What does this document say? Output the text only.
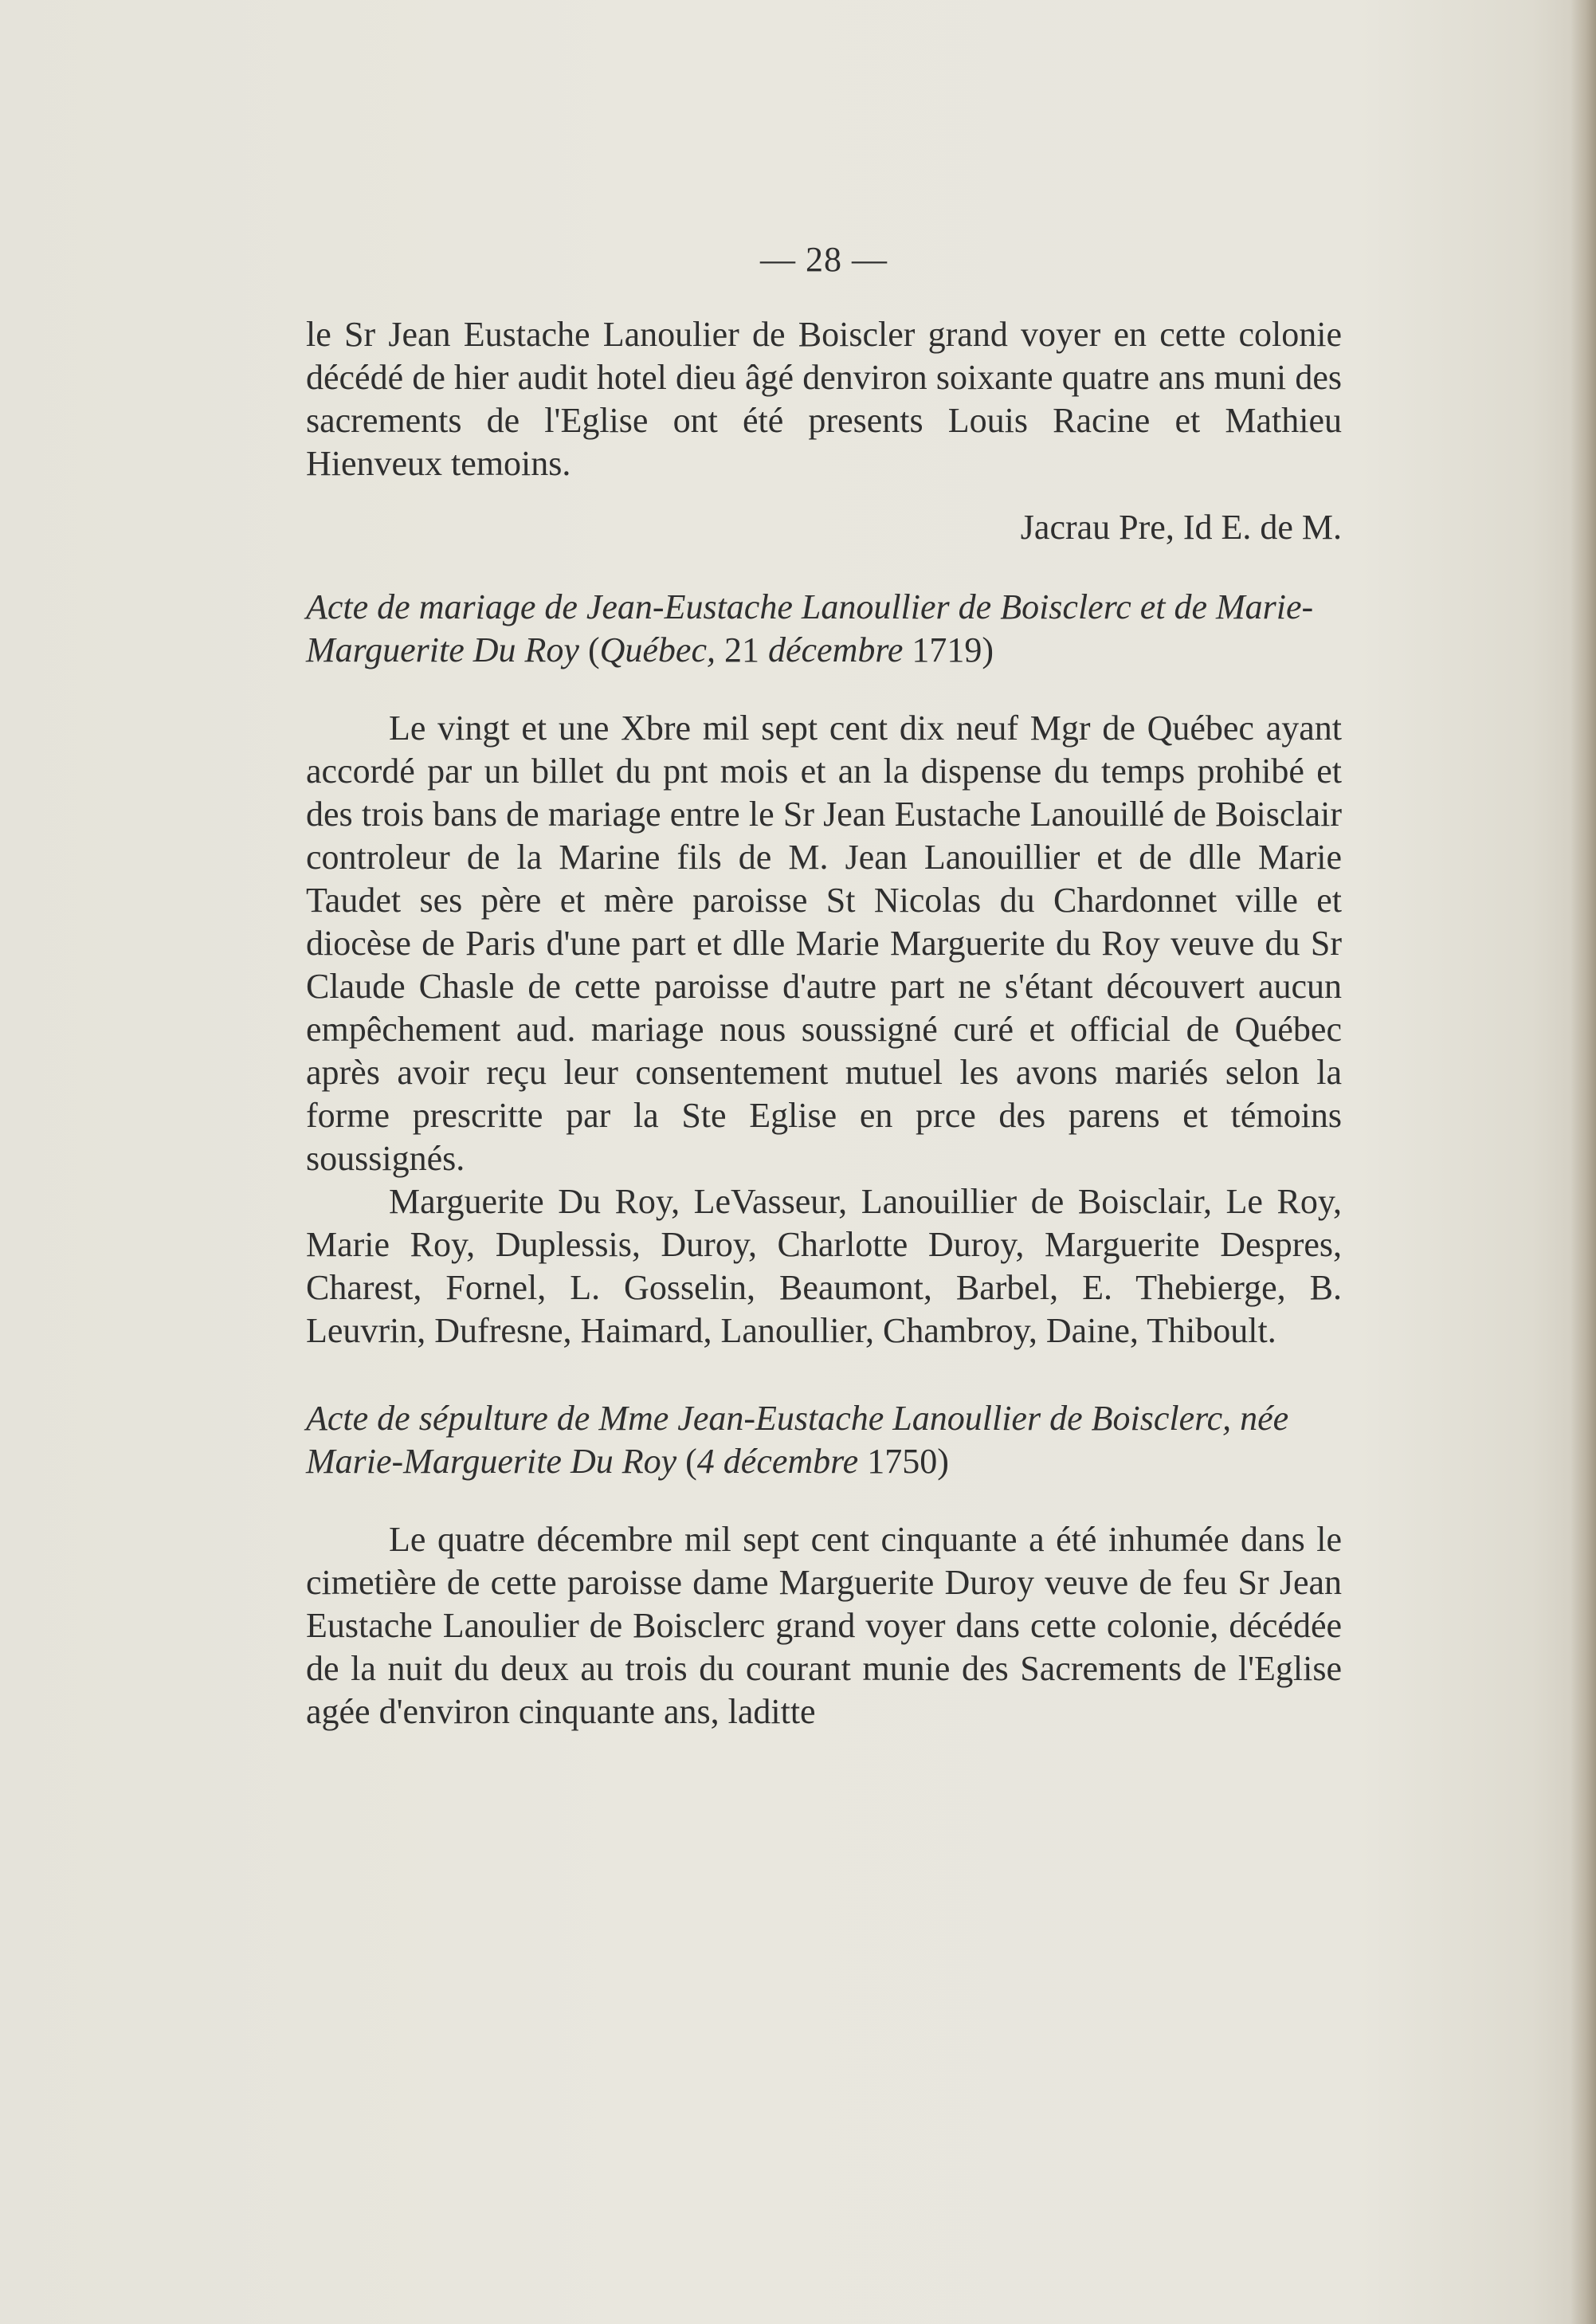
— 28 —

le Sr Jean Eustache Lanoulier de Boiscler grand voyer en cette colonie décédé de hier audit hotel dieu âgé denviron soixante quatre ans muni des sacrements de l'Eglise ont été presents Louis Racine et Mathieu Hienveux temoins.

Jacrau Pre, Id E. de M.

Acte de mariage de Jean-Eustache Lanoullier de Boisclerc et de Marie-Marguerite Du Roy (Québec, 21 décembre 1719)

Le vingt et une Xbre mil sept cent dix neuf Mgr de Québec ayant accordé par un billet du pnt mois et an la dispense du temps prohibé et des trois bans de mariage entre le Sr Jean Eustache Lanouillé de Boisclair controleur de la Marine fils de M. Jean Lanouillier et de dlle Marie Taudet ses père et mère paroisse St Nicolas du Chardonnet ville et diocèse de Paris d'une part et dlle Marie Marguerite du Roy veuve du Sr Claude Chasle de cette paroisse d'autre part ne s'étant découvert aucun empêchement aud. mariage nous soussigné curé et official de Québec après avoir reçu leur consentement mutuel les avons mariés selon la forme prescritte par la Ste Eglise en prce des parens et témoins soussignés.

Marguerite Du Roy, LeVasseur, Lanouillier de Boisclair, Le Roy, Marie Roy, Duplessis, Duroy, Charlotte Duroy, Marguerite Despres, Charest, Fornel, L. Gosselin, Beaumont, Barbel, E. Thebierge, B. Leuvrin, Dufresne, Haimard, Lanoullier, Chambroy, Daine, Thiboult.

Acte de sépulture de Mme Jean-Eustache Lanoullier de Boisclerc, née Marie-Marguerite Du Roy (4 décembre 1750)

Le quatre décembre mil sept cent cinquante a été inhumée dans le cimetière de cette paroisse dame Marguerite Duroy veuve de feu Sr Jean Eustache Lanoulier de Boisclerc grand voyer dans cette colonie, décédée de la nuit du deux au trois du courant munie des Sacrements de l'Eglise agée d'environ cinquante ans, laditte
